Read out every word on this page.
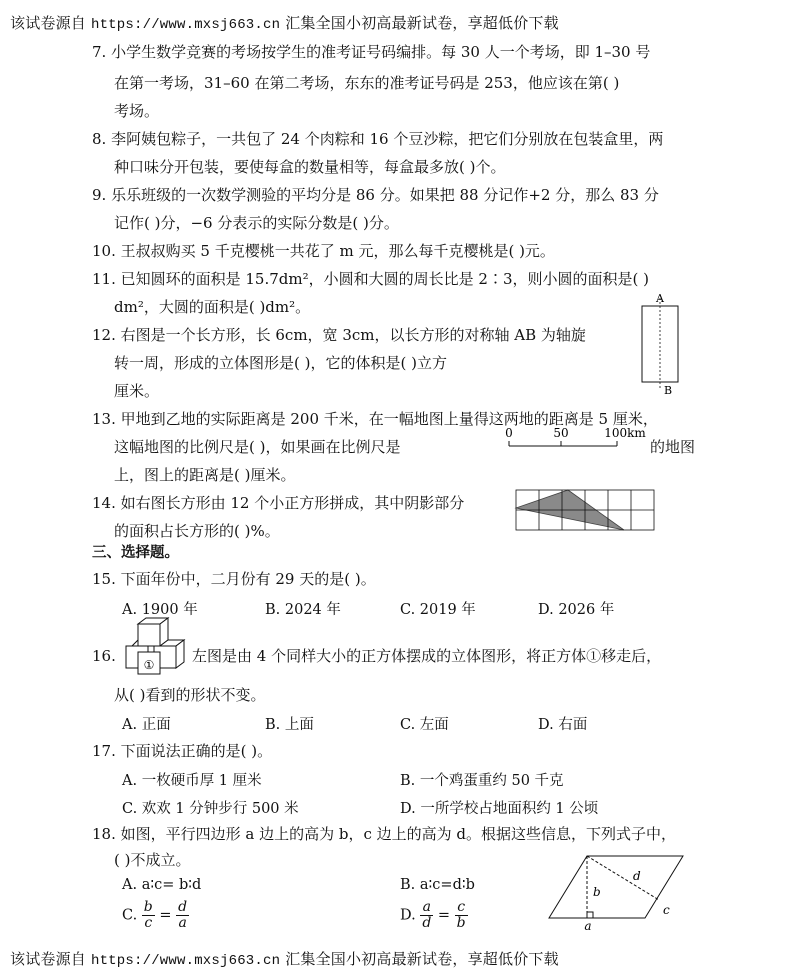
该试卷源自 https://www.mxsj663.cn 汇集全国小初高最新试卷，享超低价下载
7. 小学生数学竞赛的考场按学生的准考证号码编排。每 30 人一个考场，即 1–30 号
在第一考场，31–60 在第二考场，东东的准考证号码是 253，他应该在第( )
考场。
8. 李阿姨包粽子，一共包了 24 个肉粽和 16 个豆沙粽，把它们分别放在包装盒里，两
种口味分开包装，要使每盒的数量相等，每盒最多放( )个。
9. 乐乐班级的一次数学测验的平均分是 86 分。如果把 88 分记作+2 分，那么 83 分
记作( )分，−6 分表示的实际分数是( )分。
10. 王叔叔购买 5 千克樱桃一共花了 m 元，那么每千克樱桃是( )元。
11. 已知圆环的面积是 15.7dm²，小圆和大圆的周长比是 2∶3，则小圆的面积是( )
dm²，大圆的面积是( )dm²。
12. 右图是一个长方形，长 6cm，宽 3cm，以长方形的对称轴 AB 为轴旋
转一周，形成的立体图形是( )，它的体积是( )立方
厘米。
A
B
13. 甲地到乙地的实际距离是 200 千米，在一幅地图上量得这两地的距离是 5 厘米，
这幅地图的比例尺是( )，如果画在比例尺是
0	50	100km
的地图
上，图上的距离是( )厘米。
14. 如右图长方形由 12 个小正方形拼成，其中阴影部分
的面积占长方形的( )%。
三、选择题。
15. 下面年份中，二月份有 29 天的是( )。
A. 1900 年	B. 2024 年	C. 2019 年	D. 2026 年
16. ①	左图是由 4 个同样大小的正方体摆成的立体图形，将正方体①移走后，
从( )看到的形状不变。
A. 正面	B. 上面	C. 左面	D. 右面
17. 下面说法正确的是( )。
A. 一枚硬币厚 1 厘米	B. 一个鸡蛋重约 50 千克
C. 欢欢 1 分钟步行 500 米	D. 一所学校占地面积约 1 公顷
18. 如图，平行四边形 a 边上的高为 b，c 边上的高为 d。根据这些信息，下列式子中，
( )不成立。
A. a∶c= b∶d	B. a∶c=d∶b
C. $\frac{b}{c} = \frac{d}{a}$	D. $\frac{a}{d} = \frac{c}{b}$	a
b
c
d
该试卷源自 https://www.mxsj663.cn 汇集全国小初高最新试卷，享超低价下载
